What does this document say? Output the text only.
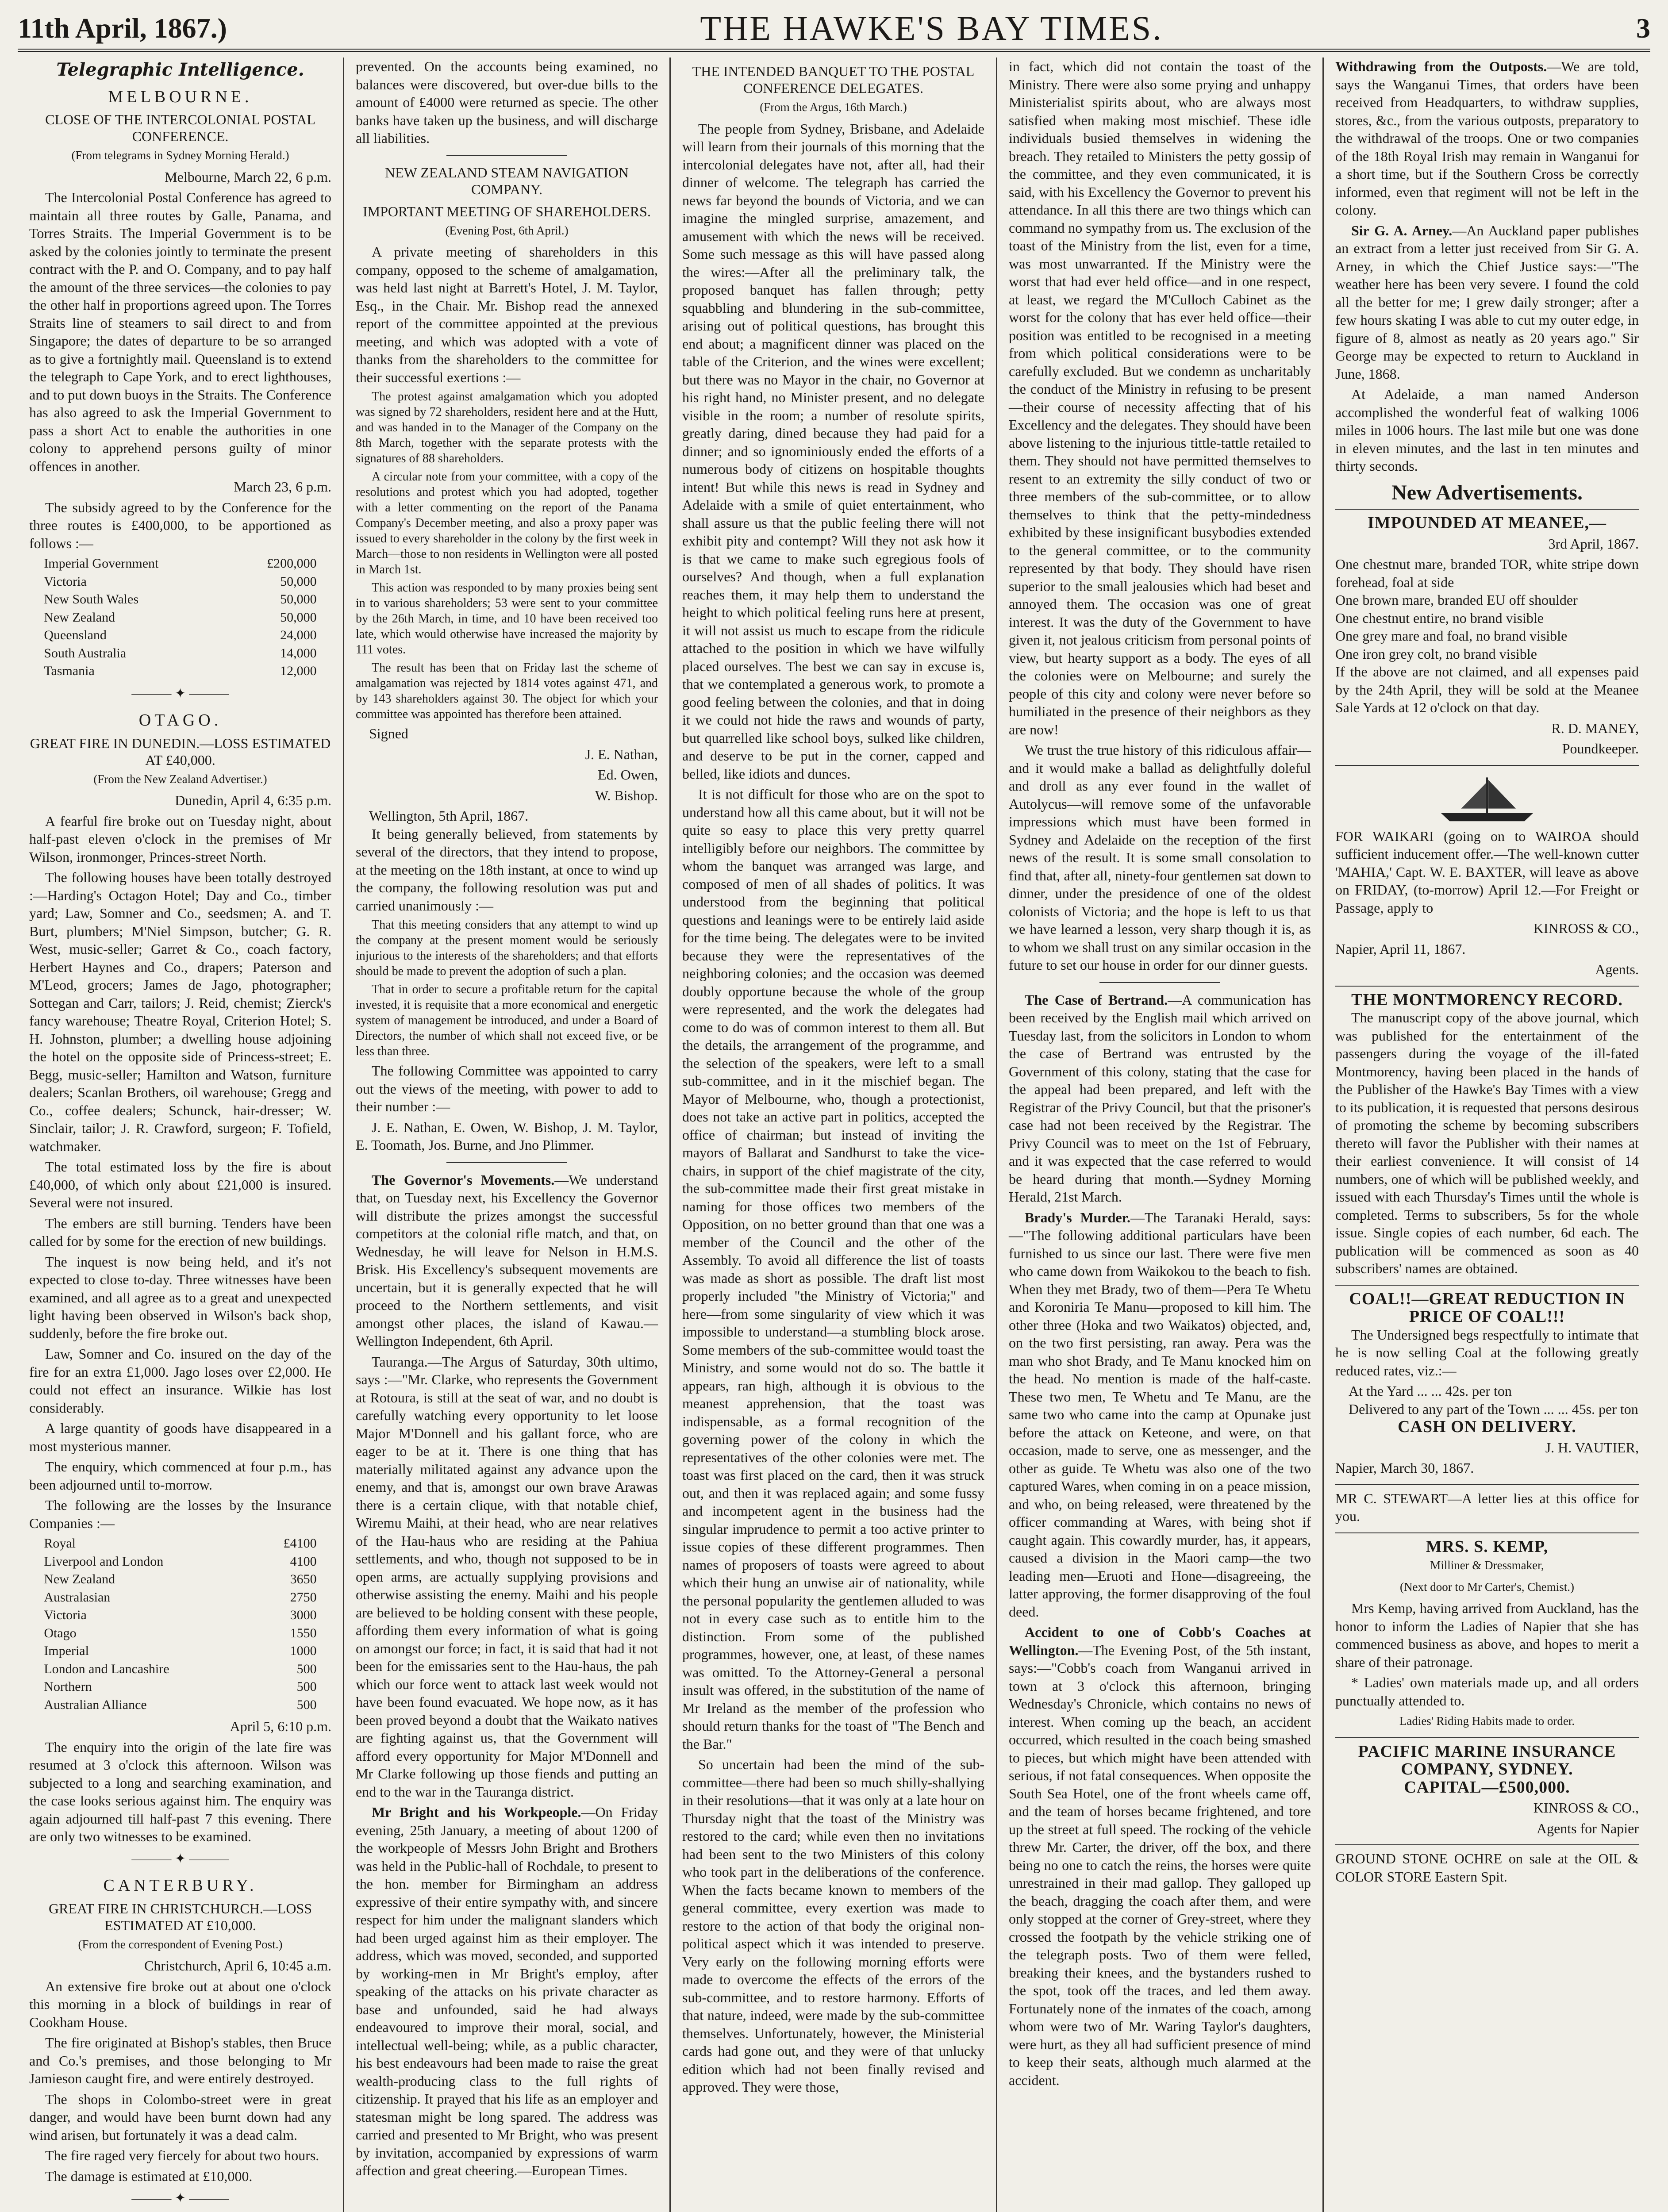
11th April, 1867.)	THE HAWKE'S BAY TIMES.	3
Telegraphic Intelligence.
MELBOURNE.
CLOSE OF THE INTERCOLONIAL POSTAL CONFERENCE.
(From telegrams in Sydney Morning Herald.)
Melbourne, March 22, 6 p.m.

The Intercolonial Postal Conference has agreed to maintain all three routes by Galle, Panama, and Torres Straits. The Imperial Government is to be asked by the colonies jointly to terminate the present contract with the P. and O. Company, and to pay half the amount of the three services—the colonies to pay the other half in proportions agreed upon. The Torres Straits line of steamers to sail direct to and from Singapore; the dates of departure to be so arranged as to give a fortnightly mail. Queensland is to extend the telegraph to Cape York, and to erect lighthouses, and to put down buoys in the Straits. The Conference has also agreed to ask the Imperial Government to pass a short Act to enable the authorities in one colony to apprehend persons guilty of minor offences in another.

March 23, 6 p.m.

The subsidy agreed to by the Conference for the three routes is £400,000, to be apportioned as follows :—

Imperial Government	£200,000
Victoria	50,000
New South Wales	50,000
New Zealand	50,000
Queensland	24,000
South Australia	14,000
Tasmania	12,000
——— ✦ ———
OTAGO.
GREAT FIRE IN DUNEDIN.—LOSS ESTIMATED AT £40,000.
(From the New Zealand Advertiser.)
Dunedin, April 4, 6:35 p.m.

A fearful fire broke out on Tuesday night, about half-past eleven o'clock in the premises of Mr Wilson, ironmonger, Princes-street North.

The following houses have been totally destroyed :—Harding's Octagon Hotel; Day and Co., timber yard; Law, Somner and Co., seedsmen; A. and T. Burt, plumbers; M'Niel Simpson, butcher; G. R. West, music-seller; Garret & Co., coach factory, Herbert Haynes and Co., drapers; Paterson and M'Leod, grocers; James de Jago, photographer; Sottegan and Carr, tailors; J. Reid, chemist; Zierck's fancy warehouse; Theatre Royal, Criterion Hotel; S. H. Johnston, plumber; a dwelling house adjoining the hotel on the opposite side of Princess-street; E. Begg, music-seller; Hamilton and Watson, furniture dealers; Scanlan Brothers, oil warehouse; Gregg and Co., coffee dealers; Schunck, hair-dresser; W. Sinclair, tailor; J. R. Crawford, surgeon; F. Tofield, watchmaker.

The total estimated loss by the fire is about £40,000, of which only about £21,000 is insured. Several were not insured.

The embers are still burning. Tenders have been called for by some for the erection of new buildings.

The inquest is now being held, and it's not expected to close to-day. Three witnesses have been examined, and all agree as to a great and unexpected light having been observed in Wilson's back shop, suddenly, before the fire broke out.

Law, Somner and Co. insured on the day of the fire for an extra £1,000. Jago loses over £2,000. He could not effect an insurance. Wilkie has lost considerably.

A large quantity of goods have disappeared in a most mysterious manner.

The enquiry, which commenced at four p.m., has been adjourned until to-morrow.

The following are the losses by the Insurance Companies :—

Royal	£4100
Liverpool and London	4100
New Zealand	3650
Australasian	2750
Victoria	3000
Otago	1550
Imperial	1000
London and Lancashire	500
Northern	500
Australian Alliance	500
April 5, 6:10 p.m.

The enquiry into the origin of the late fire was resumed at 3 o'clock this afternoon. Wilson was subjected to a long and searching examination, and the case looks serious against him. The enquiry was again adjourned till half-past 7 this evening. There are only two witnesses to be examined.

——— ✦ ———
CANTERBURY.
GREAT FIRE IN CHRISTCHURCH.—LOSS ESTIMATED AT £10,000.
(From the correspondent of Evening Post.)
Christchurch, April 6, 10:45 a.m.

An extensive fire broke out at about one o'clock this morning in a block of buildings in rear of Cookham House.

The fire originated at Bishop's stables, then Bruce and Co.'s premises, and those belonging to Mr Jamieson caught fire, and were entirely destroyed.

The shops in Colombo-street were in great danger, and would have been burnt down had any wind arisen, but fortunately it was a dead calm.

The fire raged very fiercely for about two hours.

The damage is estimated at £10,000.

——— ✦ ———

prevented. On the accounts being examined, no balances were discovered, but over-due bills to the amount of £4000 were returned as specie. The other banks have taken up the business, and will discharge all liabilities.

NEW ZEALAND STEAM NAVIGATION COMPANY.
IMPORTANT MEETING OF SHAREHOLDERS.
(Evening Post, 6th April.)

A private meeting of shareholders in this company, opposed to the scheme of amalgamation, was held last night at Barrett's Hotel, J. M. Taylor, Esq., in the Chair. Mr. Bishop read the annexed report of the committee appointed at the previous meeting, and which was adopted with a vote of thanks from the shareholders to the committee for their successful exertions :—

The protest against amalgamation which you adopted was signed by 72 shareholders, resident here and at the Hutt, and was handed in to the Manager of the Company on the 8th March, together with the separate protests with the signatures of 88 shareholders.

A circular note from your committee, with a copy of the resolutions and protest which you had adopted, together with a letter commenting on the report of the Panama Company's December meeting, and also a proxy paper was issued to every shareholder in the colony by the first week in March—those to non residents in Wellington were all posted in March 1st.

This action was responded to by many proxies being sent in to various shareholders; 53 were sent to your committee by the 26th March, in time, and 10 have been received too late, which would otherwise have increased the majority by 111 votes.

The result has been that on Friday last the scheme of amalgamation was rejected by 1814 votes against 471, and by 143 shareholders against 30. The object for which your committee was appointed has therefore been attained.

Signed
J. E. Nathan,
Ed. Owen,
W. Bishop.
Wellington, 5th April, 1867.

It being generally believed, from statements by several of the directors, that they intend to propose, at the meeting on the 18th instant, at once to wind up the company, the following resolution was put and carried unanimously :—

That this meeting considers that any attempt to wind up the company at the present moment would be seriously injurious to the interests of the shareholders; and that efforts should be made to prevent the adoption of such a plan.

That in order to secure a profitable return for the capital invested, it is requisite that a more economical and energetic system of management be introduced, and under a Board of Directors, the number of which shall not exceed five, or be less than three.

The following Committee was appointed to carry out the views of the meeting, with power to add to their number :—

J. E. Nathan, E. Owen, W. Bishop, J. M. Taylor, E. Toomath, Jos. Burne, and Jno Plimmer.

The Governor's Movements.—We understand that, on Tuesday next, his Excellency the Governor will distribute the prizes amongst the successful competitors at the colonial rifle match, and that, on Wednesday, he will leave for Nelson in H.M.S. Brisk. His Excellency's subsequent movements are uncertain, but it is generally expected that he will proceed to the Northern settlements, and visit amongst other places, the island of Kawau.—Wellington Independent, 6th April.

Tauranga.—The Argus of Saturday, 30th ultimo, says :—"Mr. Clarke, who represents the Government at Rotoura, is still at the seat of war, and no doubt is carefully watching every opportunity to let loose Major M'Donnell and his gallant force, who are eager to be at it. There is one thing that has materially militated against any advance upon the enemy, and that is, amongst our own brave Arawas there is a certain clique, with that notable chief, Wiremu Maihi, at their head, who are near relatives of the Hau-haus who are residing at the Pahiua settlements, and who, though not supposed to be in open arms, are actually supplying provisions and otherwise assisting the enemy. Maihi and his people are believed to be holding consent with these people, affording them every information of what is going on amongst our force; in fact, it is said that had it not been for the emissaries sent to the Hau-haus, the pah which our force went to attack last week would not have been found evacuated. We hope now, as it has been proved beyond a doubt that the Waikato natives are fighting against us, that the Government will afford every opportunity for Major M'Donnell and Mr Clarke following up those fiends and putting an end to the war in the Tauranga district.

Mr Bright and his Workpeople.—On Friday evening, 25th January, a meeting of about 1200 of the workpeople of Messrs John Bright and Brothers was held in the Public-hall of Rochdale, to present to the hon. member for Birmingham an address expressive of their entire sympathy with, and sincere respect for him under the malignant slanders which had been urged against him as their employer. The address, which was moved, seconded, and supported by working-men in Mr Bright's employ, after speaking of the attacks on his private character as base and unfounded, said he had always endeavoured to improve their moral, social, and intellectual well-being; while, as a public character, his best endeavours had been made to raise the great wealth-producing class to the full rights of citizenship. It prayed that his life as an employer and statesman might be long spared. The address was carried and presented to Mr Bright, who was present by invitation, accompanied by expressions of warm affection and great cheering.—European Times.

THE INTENDED BANQUET TO THE POSTAL CONFERENCE DELEGATES.
(From the Argus, 16th March.)

The people from Sydney, Brisbane, and Adelaide will learn from their journals of this morning that the intercolonial delegates have not, after all, had their dinner of welcome. The telegraph has carried the news far beyond the bounds of Victoria, and we can imagine the mingled surprise, amazement, and amusement with which the news will be received. Some such message as this will have passed along the wires:—After all the preliminary talk, the proposed banquet has fallen through; petty squabbling and blundering in the sub-committee, arising out of political questions, has brought this end about; a magnificent dinner was placed on the table of the Criterion, and the wines were excellent; but there was no Mayor in the chair, no Governor at his right hand, no Minister present, and no delegate visible in the room; a number of resolute spirits, greatly daring, dined because they had paid for a dinner; and so ignominiously ended the efforts of a numerous body of citizens on hospitable thoughts intent! But while this news is read in Sydney and Adelaide with a smile of quiet entertainment, who shall assure us that the public feeling there will not exhibit pity and contempt? Will they not ask how it is that we came to make such egregious fools of ourselves? And though, when a full explanation reaches them, it may help them to understand the height to which political feeling runs here at present, it will not assist us much to escape from the ridicule attached to the position in which we have wilfully placed ourselves. The best we can say in excuse is, that we contemplated a generous work, to promote a good feeling between the colonies, and that in doing it we could not hide the raws and wounds of party, but quarrelled like school boys, sulked like children, and deserve to be put in the corner, capped and belled, like idiots and dunces.

It is not difficult for those who are on the spot to understand how all this came about, but it will not be quite so easy to place this very pretty quarrel intelligibly before our neighbors. The committee by whom the banquet was arranged was large, and composed of men of all shades of politics. It was understood from the beginning that political questions and leanings were to be entirely laid aside for the time being. The delegates were to be invited because they were the representatives of the neighboring colonies; and the occasion was deemed doubly opportune because the whole of the group were represented, and the work the delegates had come to do was of common interest to them all. But the details, the arrangement of the programme, and the selection of the speakers, were left to a small sub-committee, and in it the mischief began. The Mayor of Melbourne, who, though a protectionist, does not take an active part in politics, accepted the office of chairman; but instead of inviting the mayors of Ballarat and Sandhurst to take the vice-chairs, in support of the chief magistrate of the city, the sub-committee made their first great mistake in naming for those offices two members of the Opposition, on no better ground than that one was a member of the Council and the other of the Assembly. To avoid all difference the list of toasts was made as short as possible. The draft list most properly included "the Ministry of Victoria;" and here—from some singularity of view which it was impossible to understand—a stumbling block arose. Some members of the sub-committee would toast the Ministry, and some would not do so. The battle it appears, ran high, although it is obvious to the meanest apprehension, that the toast was indispensable, as a formal recognition of the governing power of the colony in which the representatives of the other colonies were met. The toast was first placed on the card, then it was struck out, and then it was replaced again; and some fussy and incompetent agent in the business had the singular imprudence to permit a too active printer to issue copies of these different programmes. Then names of proposers of toasts were agreed to about which their hung an unwise air of nationality, while the personal popularity the gentlemen alluded to was not in every case such as to entitle him to the distinction. From some of the published programmes, however, one, at least, of these names was omitted. To the Attorney-General a personal insult was offered, in the substitution of the name of Mr Ireland as the member of the profession who should return thanks for the toast of "The Bench and the Bar."

So uncertain had been the mind of the sub-committee—there had been so much shilly-shallying in their resolutions—that it was only at a late hour on Thursday night that the toast of the Ministry was restored to the card; while even then no invitations had been sent to the two Ministers of this colony who took part in the deliberations of the conference. When the facts became known to members of the general committee, every exertion was made to restore to the action of that body the original non-political aspect which it was intended to preserve. Very early on the following morning efforts were made to overcome the effects of the errors of the sub-committee, and to restore harmony. Efforts of that nature, indeed, were made by the sub-committee themselves. Unfortunately, however, the Ministerial cards had gone out, and they were of that unlucky edition which had not been finally revised and approved. They were those,

in fact, which did not contain the toast of the Ministry. There were also some prying and unhappy Ministerialist spirits about, who are always most satisfied when making most mischief. These idle individuals busied themselves in widening the breach. They retailed to Ministers the petty gossip of the committee, and they even communicated, it is said, with his Excellency the Governor to prevent his attendance. In all this there are two things which can command no sympathy from us. The exclusion of the toast of the Ministry from the list, even for a time, was most unwarranted. If the Ministry were the worst that had ever held office—and in one respect, at least, we regard the M'Culloch Cabinet as the worst for the colony that has ever held office—their position was entitled to be recognised in a meeting from which political considerations were to be carefully excluded. But we condemn as uncharitably the conduct of the Ministry in refusing to be present—their course of necessity affecting that of his Excellency and the delegates. They should have been above listening to the injurious tittle-tattle retailed to them. They should not have permitted themselves to resent to an extremity the silly conduct of two or three members of the sub-committee, or to allow themselves to think that the petty-mindedness exhibited by these insignificant busybodies extended to the general committee, or to the community represented by that body. They should have risen superior to the small jealousies which had beset and annoyed them. The occasion was one of great interest. It was the duty of the Government to have given it, not jealous criticism from personal points of view, but hearty support as a body. The eyes of all the colonies were on Melbourne; and surely the people of this city and colony were never before so humiliated in the presence of their neighbors as they are now!

We trust the true history of this ridiculous affair—and it would make a ballad as delightfully doleful and droll as any ever found in the wallet of Autolycus—will remove some of the unfavorable impressions which must have been formed in Sydney and Adelaide on the reception of the first news of the result. It is some small consolation to find that, after all, ninety-four gentlemen sat down to dinner, under the presidence of one of the oldest colonists of Victoria; and the hope is left to us that we have learned a lesson, very sharp though it is, as to whom we shall trust on any similar occasion in the future to set our house in order for our dinner guests.

The Case of Bertrand.—A communication has been received by the English mail which arrived on Tuesday last, from the solicitors in London to whom the case of Bertrand was entrusted by the Government of this colony, stating that the case for the appeal had been prepared, and left with the Registrar of the Privy Council, but that the prisoner's case had not been received by the Registrar. The Privy Council was to meet on the 1st of February, and it was expected that the case referred to would be heard during that month.—Sydney Morning Herald, 21st March.

Brady's Murder.—The Taranaki Herald, says:—"The following additional particulars have been furnished to us since our last. There were five men who came down from Waikokou to the beach to fish. When they met Brady, two of them—Pera Te Whetu and Koroniria Te Manu—proposed to kill him. The other three (Hoka and two Waikatos) objected, and, on the two first persisting, ran away. Pera was the man who shot Brady, and Te Manu knocked him on the head. No mention is made of the half-caste. These two men, Te Whetu and Te Manu, are the same two who came into the camp at Opunake just before the attack on Keteone, and were, on that occasion, made to serve, one as messenger, and the other as guide. Te Whetu was also one of the two captured Wares, when coming in on a peace mission, and who, on being released, were threatened by the officer commanding at Wares, with being shot if caught again. This cowardly murder, has, it appears, caused a division in the Maori camp—the two leading men—Eruoti and Hone—disagreeing, the latter approving, the former disapproving of the foul deed.

Accident to one of Cobb's Coaches at Wellington.—The Evening Post, of the 5th instant, says:—"Cobb's coach from Wanganui arrived in town at 3 o'clock this afternoon, bringing Wednesday's Chronicle, which contains no news of interest. When coming up the beach, an accident occurred, which resulted in the coach being smashed to pieces, but which might have been attended with serious, if not fatal consequences. When opposite the South Sea Hotel, one of the front wheels came off, and the team of horses became frightened, and tore up the street at full speed. The rocking of the vehicle threw Mr. Carter, the driver, off the box, and there being no one to catch the reins, the horses were quite unrestrained in their mad gallop. They galloped up the beach, dragging the coach after them, and were only stopped at the corner of Grey-street, where they crossed the footpath by the vehicle striking one of the telegraph posts. Two of them were felled, breaking their knees, and the bystanders rushed to the spot, took off the traces, and led them away. Fortunately none of the inmates of the coach, among whom were two of Mr. Waring Taylor's daughters, were hurt, as they all had sufficient presence of mind to keep their seats, although much alarmed at the accident.

Withdrawing from the Outposts.—We are told, says the Wanganui Times, that orders have been received from Headquarters, to withdraw supplies, stores, &c., from the various outposts, preparatory to the withdrawal of the troops. One or two companies of the 18th Royal Irish may remain in Wanganui for a short time, but if the Southern Cross be correctly informed, even that regiment will not be left in the colony.

Sir G. A. Arney.—An Auckland paper publishes an extract from a letter just received from Sir G. A. Arney, in which the Chief Justice says:—"The weather here has been very severe. I found the cold all the better for me; I grew daily stronger; after a few hours skating I was able to cut my outer edge, in figure of 8, almost as neatly as 20 years ago." Sir George may be expected to return to Auckland in June, 1868.

At Adelaide, a man named Anderson accomplished the wonderful feat of walking 1006 miles in 1006 hours. The last mile but one was done in eleven minutes, and the last in ten minutes and thirty seconds.

New Advertisements.
IMPOUNDED AT MEANEE,—
3rd April, 1867.
One chestnut mare, branded TOR, white stripe down forehead, foal at side
One brown mare, branded EU off shoulder
One chestnut entire, no brand visible
One grey mare and foal, no brand visible
One iron grey colt, no brand visible
If the above are not claimed, and all expenses paid by the 24th April, they will be sold at the Meanee Sale Yards at 12 o'clock on that day.
R. D. MANEY,
Poundkeeper.

FOR WAIKARI (going on to WAIROA should sufficient inducement offer.—The well-known cutter 'MAHIA,' Capt. W. E. BAXTER, will leave as above on FRIDAY, (to-morrow) April 12.—For Freight or Passage, apply to

KINROSS & CO.,
Napier, April 11, 1867.
Agents.
THE MONTMORENCY RECORD.

The manuscript copy of the above journal, which was published for the entertainment of the passengers during the voyage of the ill-fated Montmorency, having been placed in the hands of the Publisher of the Hawke's Bay Times with a view to its publication, it is requested that persons desirous of promoting the scheme by becoming subscribers thereto will favor the Publisher with their names at their earliest convenience. It will consist of 14 numbers, one of which will be published weekly, and issued with each Thursday's Times until the whole is completed. Terms to subscribers, 5s for the whole issue. Single copies of each number, 6d each. The publication will be commenced as soon as 40 subscribers' names are obtained.

COAL!!—GREAT REDUCTION IN PRICE OF COAL!!!

The Undersigned begs respectfully to intimate that he is now selling Coal at the following greatly reduced rates, viz.:—

At the Yard ... ... 42s. per ton
Delivered to any part of the Town ... ... 45s. per ton
CASH ON DELIVERY.
J. H. VAUTIER,
Napier, March 30, 1867.

MR C. STEWART—A letter lies at this office for you.

MRS. S. KEMP,
Milliner & Dressmaker,
(Next door to Mr Carter's, Chemist.)

Mrs Kemp, having arrived from Auckland, has the honor to inform the Ladies of Napier that she has commenced business as above, and hopes to merit a share of their patronage.

* Ladies' own materials made up, and all orders punctually attended to.

Ladies' Riding Habits made to order.
PACIFIC MARINE INSURANCE COMPANY, SYDNEY.
CAPITAL—£500,000.
KINROSS & CO.,
Agents for Napier

GROUND STONE OCHRE on sale at the OIL & COLOR STORE Eastern Spit.
